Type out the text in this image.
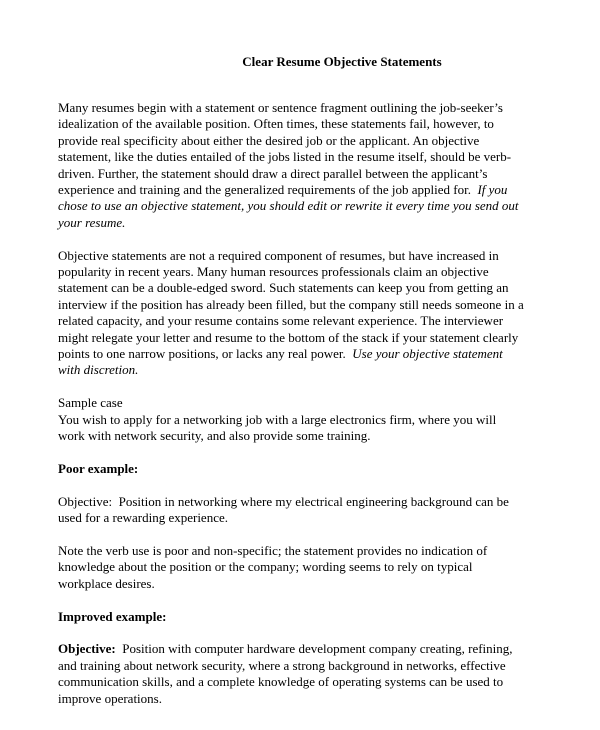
Clear Resume Objective Statements
Many resumes begin with a statement or sentence fragment outlining the job-seeker’s
idealization of the available position. Often times, these statements fail, however, to
provide real specificity about either the desired job or the applicant. An objective
statement, like the duties entailed of the jobs listed in the resume itself, should be verb-
driven. Further, the statement should draw a direct parallel between the applicant’s
experience and training and the generalized requirements of the job applied for.  If you
chose to use an objective statement, you should edit or rewrite it every time you send out
your resume.
Objective statements are not a required component of resumes, but have increased in
popularity in recent years. Many human resources professionals claim an objective
statement can be a double-edged sword. Such statements can keep you from getting an
interview if the position has already been filled, but the company still needs someone in a
related capacity, and your resume contains some relevant experience. The interviewer
might relegate your letter and resume to the bottom of the stack if your statement clearly
points to one narrow positions, or lacks any real power.  Use your objective statement
with discretion.
Sample case
You wish to apply for a networking job with a large electronics firm, where you will
work with network security, and also provide some training.
Poor example:
Objective:  Position in networking where my electrical engineering background can be
used for a rewarding experience.
Note the verb use is poor and non-specific; the statement provides no indication of
knowledge about the position or the company; wording seems to rely on typical
workplace desires.
Improved example:
Objective:  Position with computer hardware development company creating, refining,
and training about network security, where a strong background in networks, effective
communication skills, and a complete knowledge of operating systems can be used to
improve operations.
